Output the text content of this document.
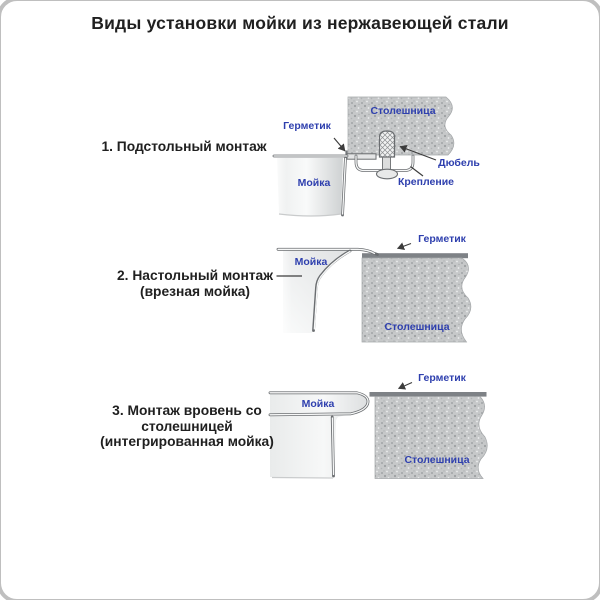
Виды установки мойки из нержавеющей стали
1. Подстольный монтаж
2. Настольный монтаж
(врезная мойка)
3. Монтаж вровень со
столешницей
(интегрированная мойка)
Столешница
Герметик
Мойка
Дюбель
Крепление
Мойка
Герметик
Столешница
Мойка
Герметик
Столешница
